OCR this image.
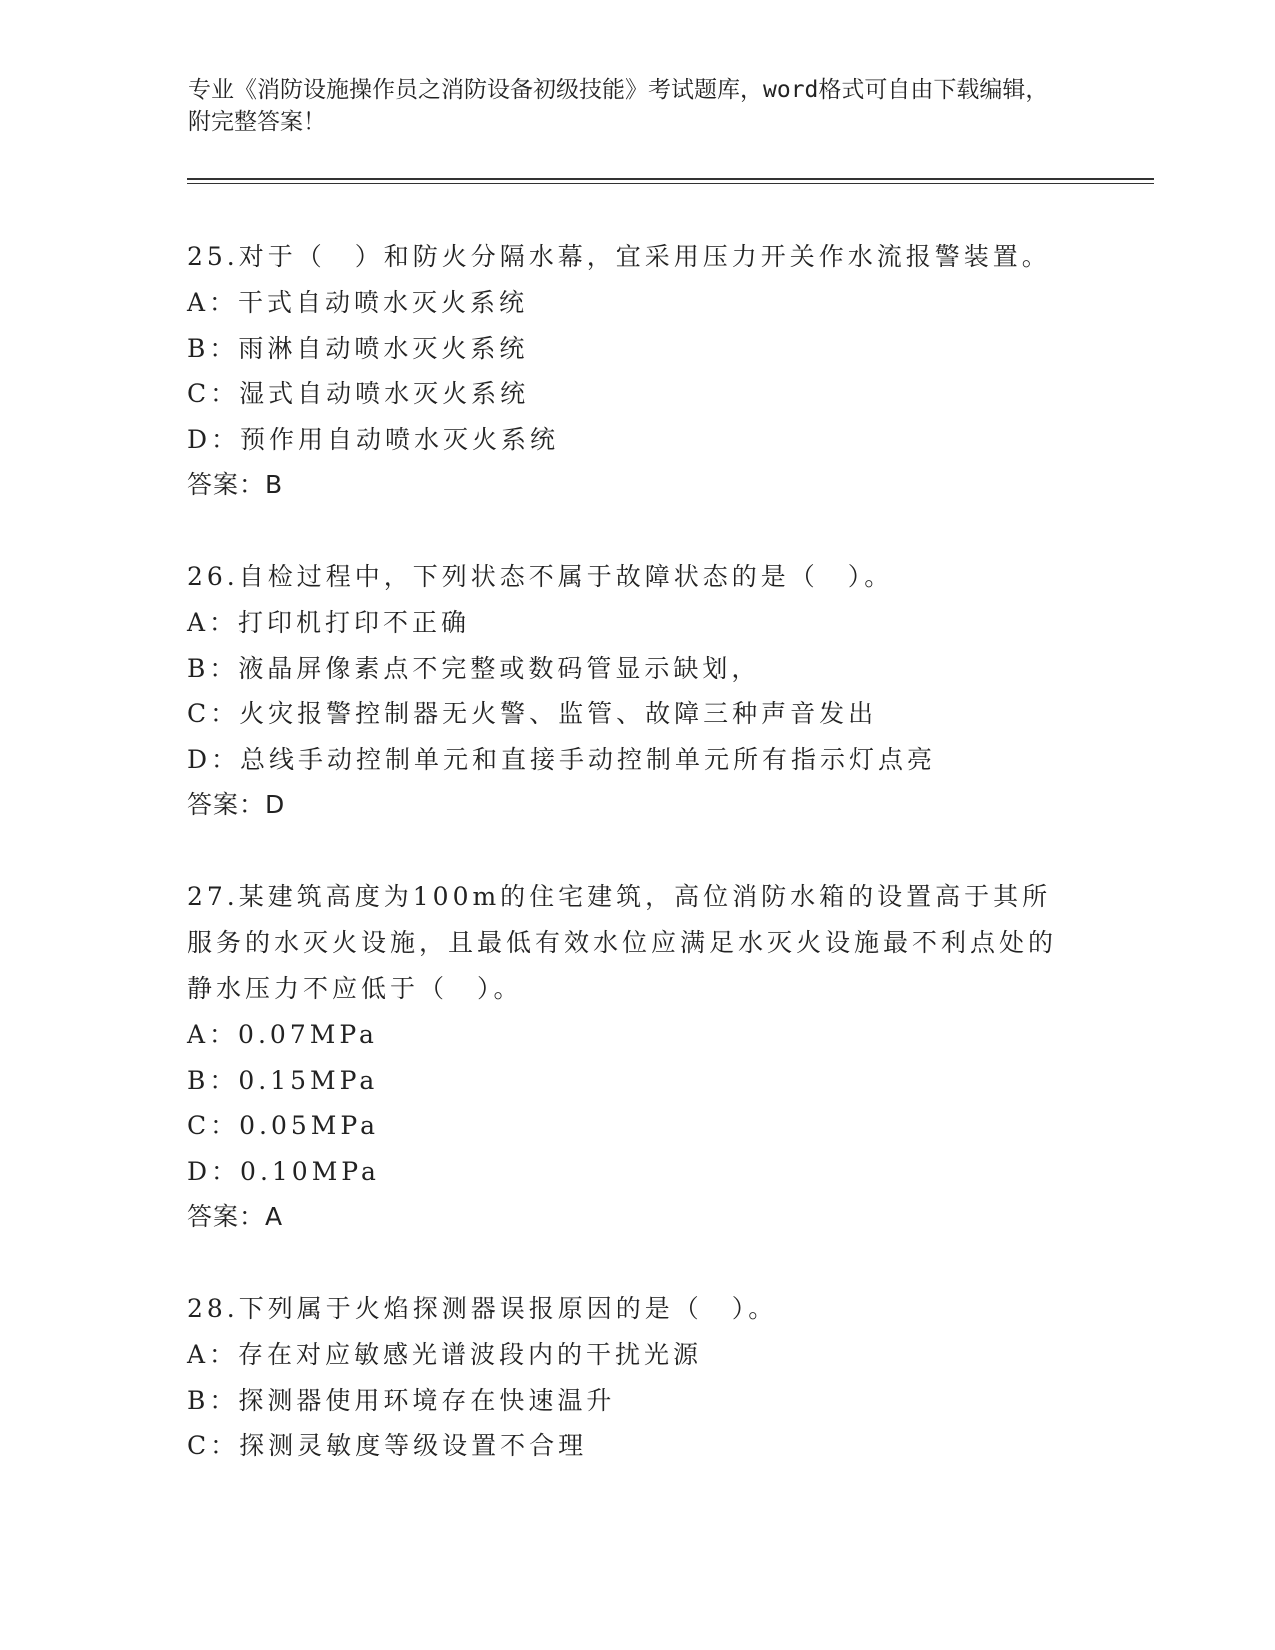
专业《消防设施操作员之消防设备初级技能》考试题库，word格式可自由下载编辑，附完整答案！

25.对于（　）和防火分隔水幕，宜采用压力开关作水流报警装置。

A：干式自动喷水灭火系统

B：雨淋自动喷水灭火系统

C：湿式自动喷水灭火系统

D：预作用自动喷水灭火系统

答案：B

26.自检过程中，下列状态不属于故障状态的是（　）。

A：打印机打印不正确

B：液晶屏像素点不完整或数码管显示缺划，

C：火灾报警控制器无火警、监管、故障三种声音发出

D：总线手动控制单元和直接手动控制单元所有指示灯点亮

答案：D

27.某建筑高度为100m的住宅建筑，高位消防水箱的设置高于其所服务的水灭火设施，且最低有效水位应满足水灭火设施最不利点处的静水压力不应低于（　）。

A：0.07MPa

B：0.15MPa

C：0.05MPa

D：0.10MPa

答案：A

28.下列属于火焰探测器误报原因的是（　）。

A：存在对应敏感光谱波段内的干扰光源

B：探测器使用环境存在快速温升

C：探测灵敏度等级设置不合理
